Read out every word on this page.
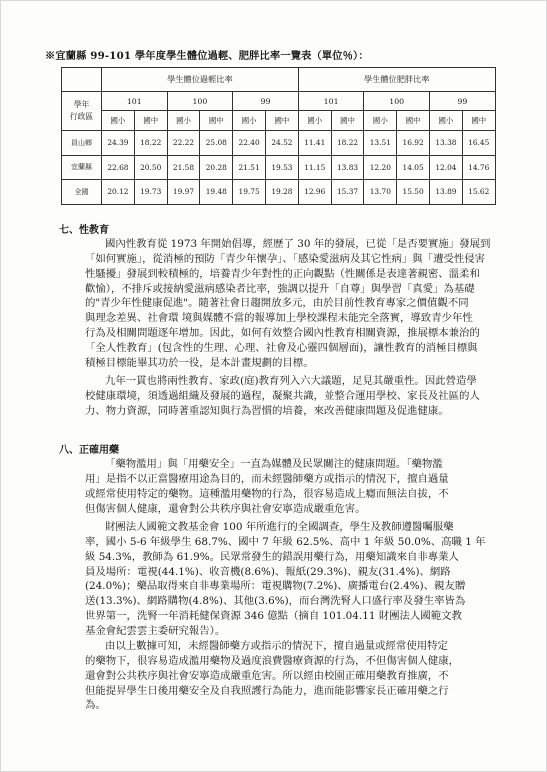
※宜蘭縣 99-101 學年度學生體位過輕、肥胖比率一覽表（單位％）：
	學生體位過輕比率						學生體位肥胖比率					

學年
行政區	101		100		99		101		100		99	
	國小	國中	國小	國中	國小	國中	國小	國中	國小	國中	國小	國中
員山鄉	24.39	18.22	22.22	25.08	22.40	24.52	11.41	18.22	13.51	16.92	13.38	16.45
宜蘭縣	22.68	20.50	21.58	20.28	21.51	19.53	11.15	13.83	12.20	14.05	12.04	14.76
全國	20.12	19.73	19.97	19.48	19.75	19.28	12.96	15.37	13.70	15.50	13.89	15.62
七、性教育
國內性教育從 1973 年開始倡導，經歷了 30 年的發展，已從「是否要實施」發展到
「如何實施」，從消極的預防「青少年懷孕」、「感染愛滋病及其它性病」與「遭受性侵害
性騷擾」發展到較積極的，培養青少年對性的正向觀點（性關係是表達著親密、溫柔和
歡愉），不排斥或接納愛滋病感染者比率，強調以提升「自尊」與學習「真愛」為基礎
的"青少年性健康促進"。隨著社會日趨開放多元，由於目前性教育專家之價值觀不同
與理念差異、社會環 境與媒體不當的報導加上學校課程未能完全落實，導致青少年性
行為及相關問題逐年增加。因此，如何有效整合國內性教育相關資源，推展標本兼治的
「全人性教育」(包含性的生理、心理、社會及心靈四個層面)，讓性教育的消極目標與
積極目標能畢其功於一役，是本計畫規劃的目標。
九年一貫也將兩性教育、家政(庭)教育列入六大議題，足見其嚴重性。因此營造學
校健康環境，須透過組織及發展的過程，凝聚共識，並整合運用學校、家長及社區的人
力、物力資源，同時著重認知與行為習慣的培養，來改善健康問題及促進健康。
八、正確用藥
「藥物濫用」與「用藥安全」一直為媒體及民眾關注的健康問題。「藥物濫
用」是指不以正當醫療用途為目的，而未經醫師藥方或指示的情況下，擅自過量
或經常使用特定的藥物。這種濫用藥物的行為，很容易造成上癮而無法自拔，不
但傷害個人健康，還會對公共秩序與社會安寧造成嚴重危害。
財團法人國範文教基金會 100 年所進行的全國調查，學生及教師遵醫囑服藥
率，國小 5-6 年級學生 68.7%、國中 7 年級 62.5%、高中 1 年級 50.0%、高職 1 年
級 54.3%，教師為 61.9%。民眾常發生的錯誤用藥行為，用藥知識來自非專業人
員及場所：電視(44.1%)、收音機(8.6%)、報紙(29.3%)、親友(31.4%)、網路
(24.0%)；藥品取得來自非專業場所：電視購物(7.2%)、廣播電台(2.4%)、親友贈
送(13.3%)、網路購物(4.8%)、其他(3.6%)，而台灣洗腎人口盛行率及發生率皆為
世界第一，洗腎一年消耗健保資源 346 億點（摘自 101.04.11 財團法人國範文教
基金會紀雲雲主委研究報告）。
由以上數據可知，未經醫師藥方或指示的情況下，擅自過量或經常使用特定
的藥物下，很容易造成濫用藥物及過度浪費醫療資源的行為，不但傷害個人健康，
還會對公共秩序與社會安寧造成嚴重危害。所以經由校園正確用藥教育推廣，不
但能提昇學生日後用藥安全及自我照護行為能力，進而能影響家長正確用藥之行
為。
